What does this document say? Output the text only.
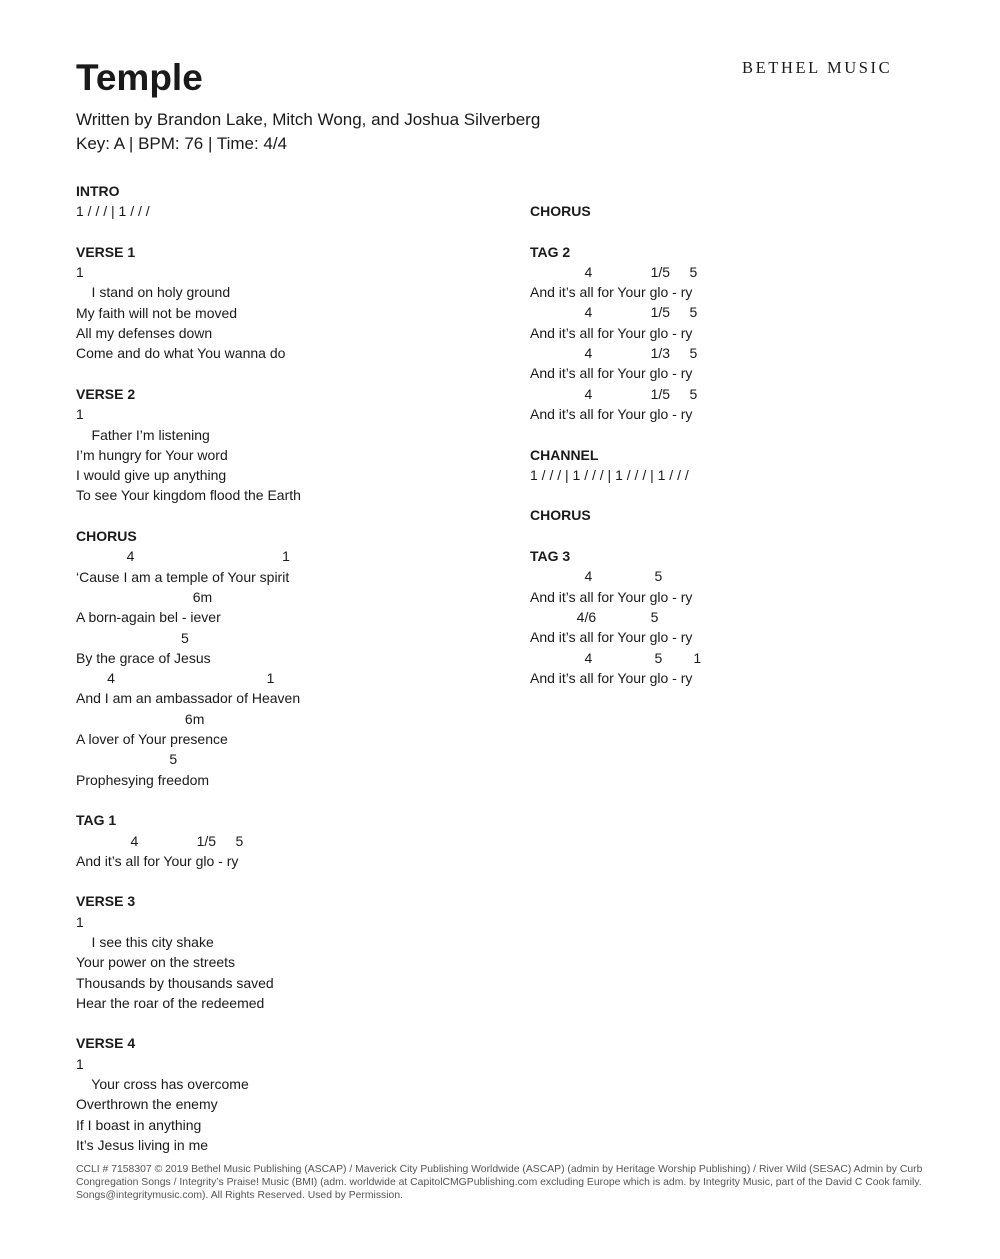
Temple	BETHEL MUSIC
Written by Brandon Lake, Mitch Wong, and Joshua Silverberg
Key: A | BPM: 76 | Time: 4/4
INTRO
1 / / / | 1 / / /
VERSE 1
1
I stand on holy ground
My faith will not be moved
All my defenses down
Come and do what You wanna do
VERSE 2
1
Father I’m listening
I’m hungry for Your word
I would give up anything
To see Your kingdom flood the Earth
CHORUS
4                                      1
‘Cause I am a temple of Your spirit
6m
A born-again bel - iever
5
By the grace of Jesus
4                                       1
And I am an ambassador of Heaven
6m
A lover of Your presence
5
Prophesying freedom
TAG 1
4               1/5     5
And it’s all for Your glo - ry
VERSE 3
1
I see this city shake
Your power on the streets
Thousands by thousands saved
Hear the roar of the redeemed
VERSE 4
1
Your cross has overcome
Overthrown the enemy
If I boast in anything
It’s Jesus living in me
CHORUS
TAG 2
4               1/5     5
And it’s all for Your glo - ry
4               1/5     5
And it’s all for Your glo - ry
4               1/3     5
And it’s all for Your glo - ry
4               1/5     5
And it’s all for Your glo - ry
CHANNEL
1 / / / | 1 / / / | 1 / / / | 1 / / /
CHORUS
TAG 3
4                5
And it’s all for Your glo - ry
4/6              5
And it’s all for Your glo - ry
4                5        1
And it’s all for Your glo - ry
CCLI # 7158307 © 2019 Bethel Music Publishing (ASCAP) / Maverick City Publishing Worldwide (ASCAP) (admin by Heritage Worship Publishing) / River Wild (SESAC) Admin by Curb Congregation Songs / Integrity’s Praise! Music (BMI) (adm. worldwide at CapitolCMGPublishing.com excluding Europe which is adm. by Integrity Music, part of the David C Cook family. Songs@integritymusic.com). All Rights Reserved. Used by Permission.
